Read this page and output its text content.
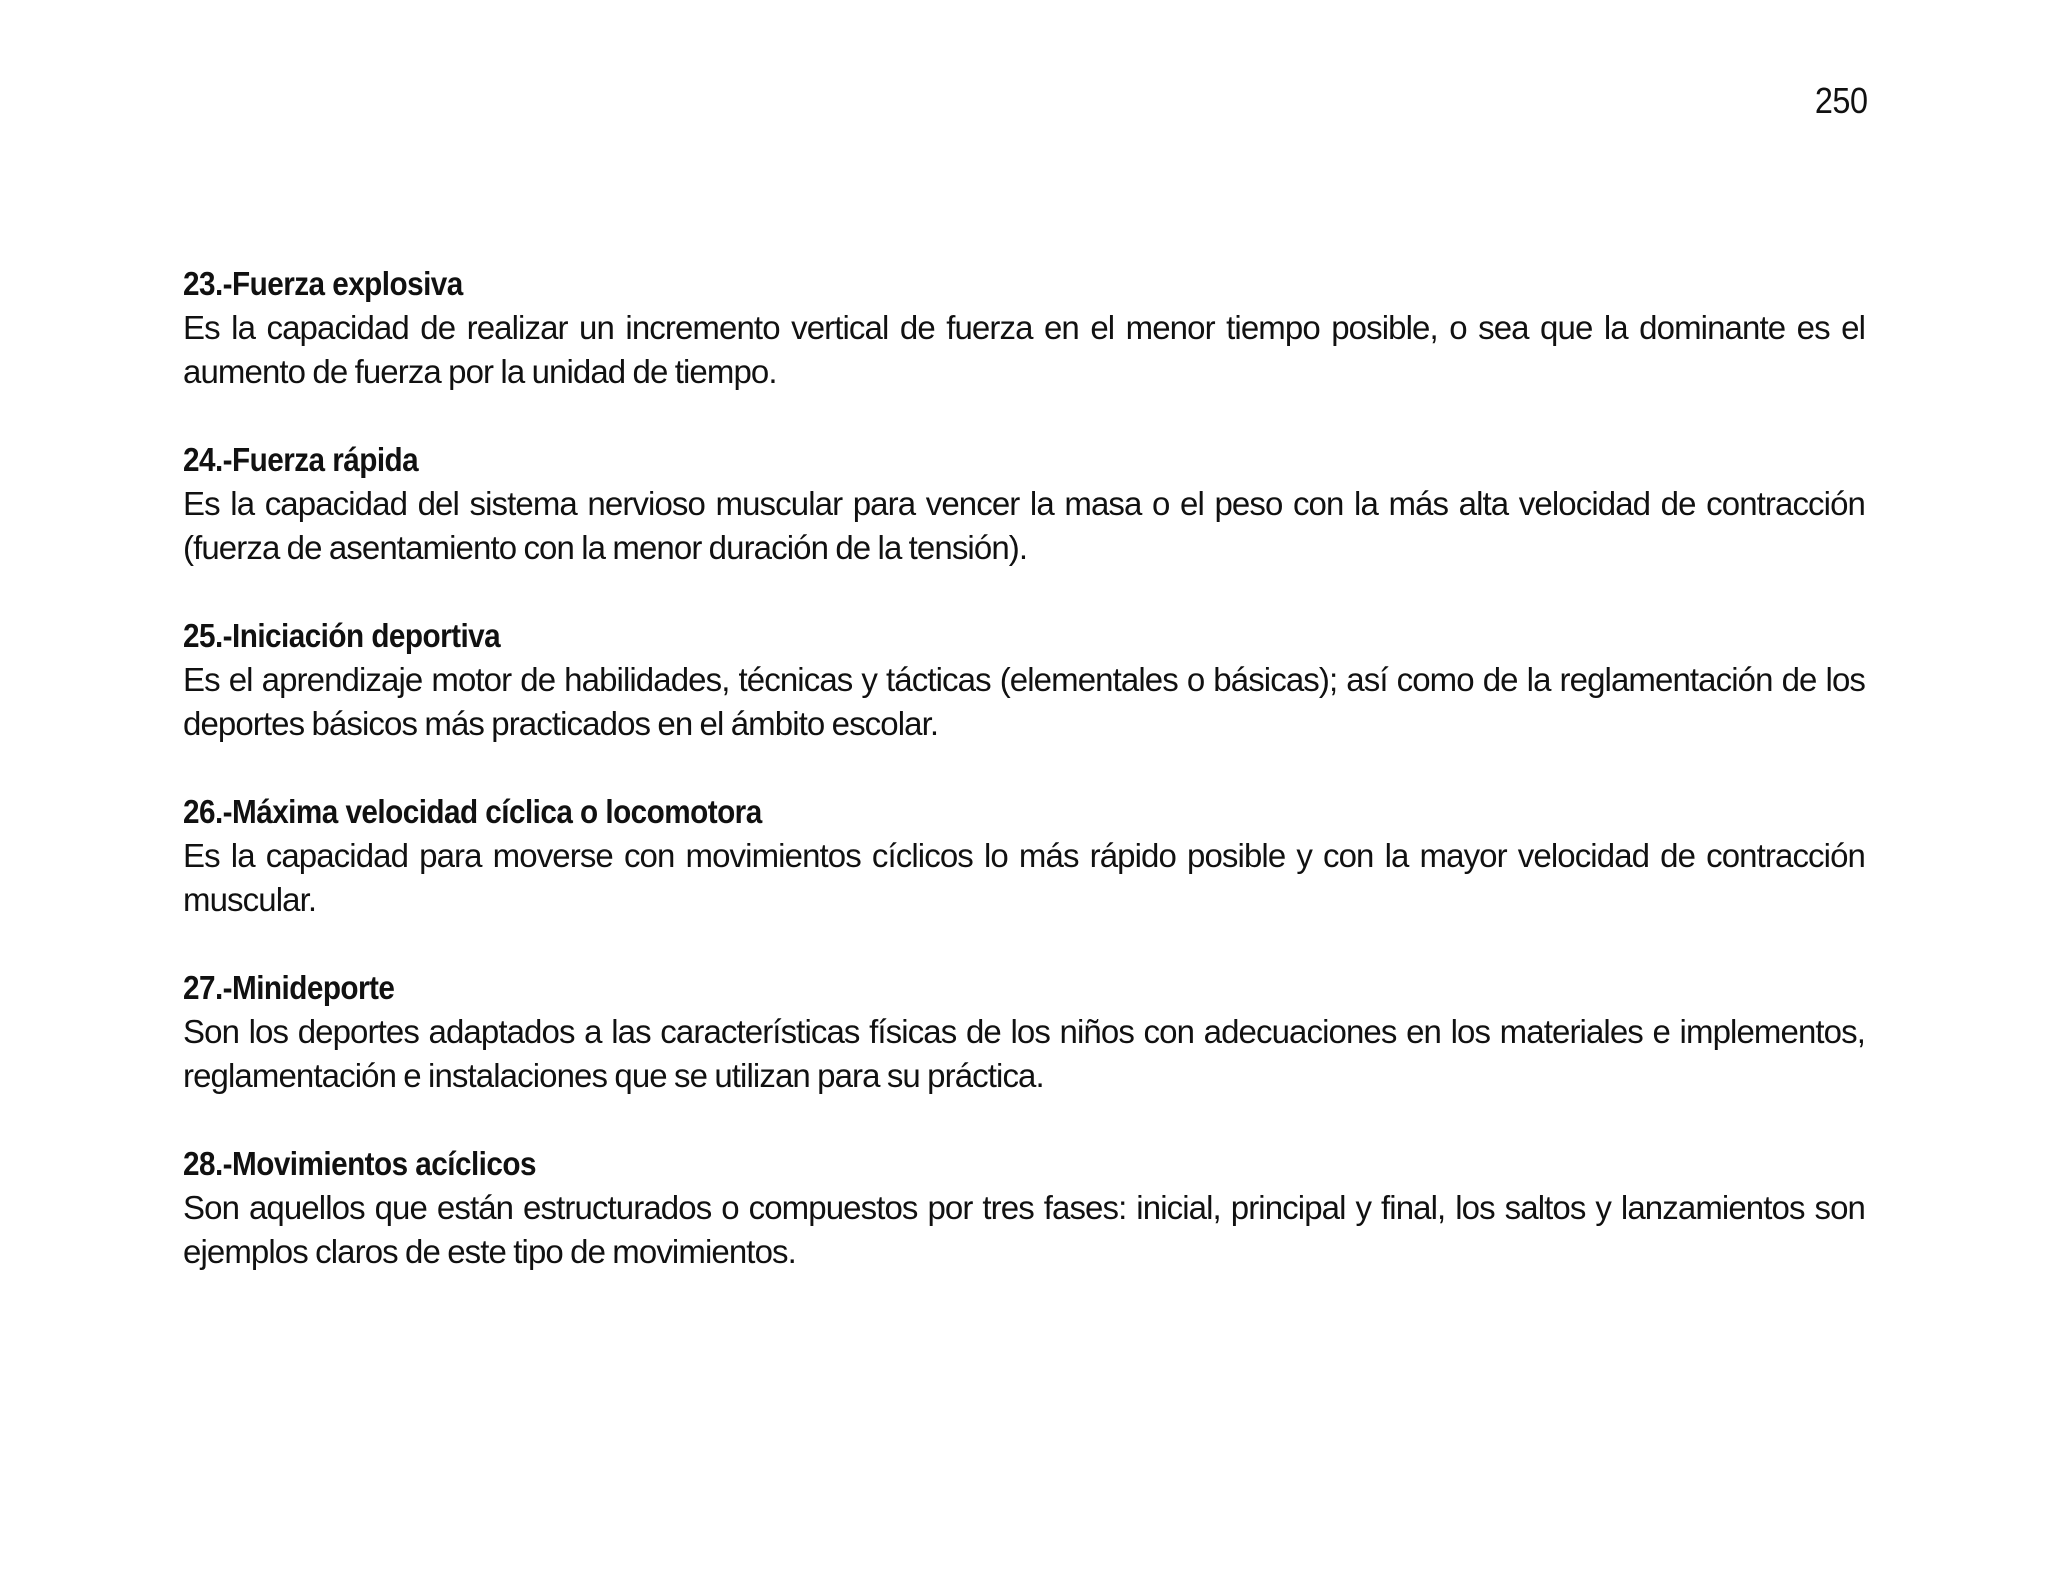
250
23.-Fuerza explosiva
Es la capacidad de realizar un incremento vertical de fuerza en el menor tiempo posible, o sea que la dominante es el aumento de fuerza por la unidad de tiempo.
24.-Fuerza rápida
Es la capacidad del sistema nervioso muscular para vencer la masa o el peso con la más alta velocidad de contracción (fuerza de asentamiento con la menor duración de la tensión).
25.-Iniciación deportiva
Es el aprendizaje motor de habilidades, técnicas y tácticas (elementales o básicas); así como de la reglamentación de los deportes básicos más practicados en el ámbito escolar.
26.-Máxima velocidad cíclica o locomotora
Es la capacidad para moverse con movimientos cíclicos lo más rápido posible y con la mayor velocidad de contracción muscular.
27.-Minideporte
Son los deportes adaptados a las características físicas de los niños con adecuaciones en los materiales e implementos, reglamentación e instalaciones que se utilizan para su práctica.
28.-Movimientos acíclicos
Son aquellos que están estructurados o compuestos por tres fases: inicial, principal y final, los saltos y lanzamientos son ejemplos claros de este tipo de movimientos.
